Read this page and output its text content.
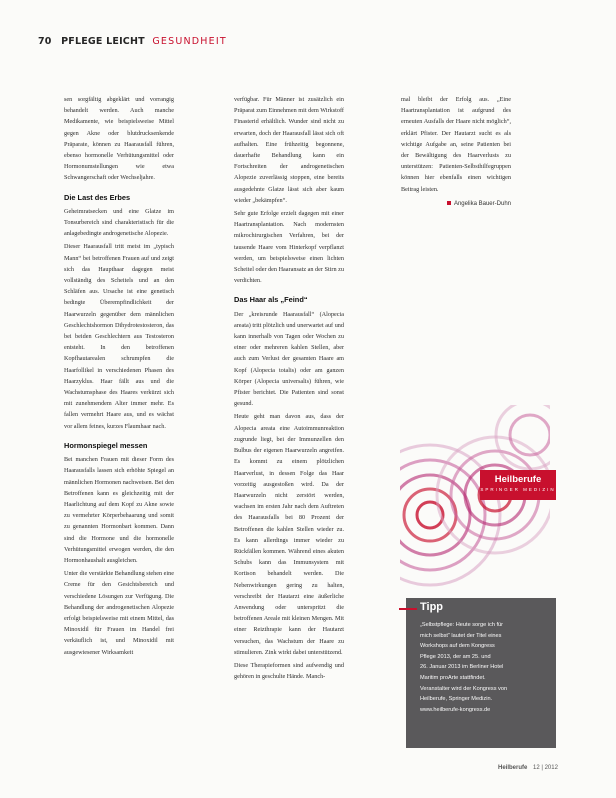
70 PFLEGE LEICHT GESUNDHEIT

sen sorgfältig abgeklärt und vorrangig behandelt werden. Auch manche Medikamente, wie beispielsweise Mittel gegen Akne oder blutdrucksenkende Präparate, können zu Haarausfall führen, ebenso hormonelle Verhütungsmittel oder Hormonumstellungen wie etwa Schwangerschaft oder Wechseljahre.

Die Last des Erbes

Geheimratsecken und eine Glatze im Tonsurbereich sind charakteristisch für die anlagebedingte androgenetische Alopezie.

Dieser Haarausfall tritt meist im „typisch Mann“ bei betroffenen Frauen auf und zeigt sich das Haupthaar dagegen meist vollständig des Scheitels und an den Schläfen aus. Ursache ist eine genetisch bedingte Überempfindlichkeit der Haarwurzeln gegenüber dem männlichen Geschlechtshormon Dihydrotestosteron, das bei beiden Geschlechtern aus Testosteron entsteht. In den betroffenen Kopfhautarealen schrumpfen die Haarfollikel in verschiedenen Phasen des Haarzyklus. Haar fällt aus und die Wachstumsphase des Haares verkürzt sich mit zunehmendem Alter immer mehr. Es fallen vermehrt Haare aus, und es wächst vor allem feines, kurzes Flaumhaar nach.

Hormonspiegel messen

Bei manchen Frauen mit dieser Form des Haarausfalls lassen sich erhöhte Spiegel an männlichen Hormonen nachweisen. Bei den Betroffenen kann es gleichzeitig mit der Haarlichtung auf dem Kopf zu Akne sowie zu vermehrter Körperbehaarung und somit zu genannten Hormonbart kommen. Dann sind die Hormone und die hormonelle Verhütungsmittel erwogen werden, die den Hormonhaushalt ausgleichen.

Unter die verstärkte Behandlung stehen eine Creme für den Gesichtsbereich und verschiedene Lösungen zur Verfügung. Die Behandlung der androgenetischen Alopezie erfolgt beispielsweise mit einem Mittel, das Minoxidil für Frauen im Handel frei verkäuflich ist, und Minoxidil mit ausgewiesener Wirksamkeit

verfügbar. Für Männer ist zusätzlich ein Präparat zum Einnehmen mit dem Wirkstoff Finasterid erhältlich. Wunder sind nicht zu erwarten, doch der Haarausfall lässt sich oft aufhalten. Eine frühzeitig begonnene, dauerhafte Behandlung kann ein Fortschreiten der androgenetischen Alopezie zuverlässig stoppen, eine bereits ausgedehnte Glatze lässt sich aber kaum wieder „bekämpfen“.

Sehr gute Erfolge erzielt dagegen mit einer Haartransplantation. Nach modernsten mikrochirurgischen Verfahren, bei der tausende Haare vom Hinterkopf verpflanzt werden, um beispielsweise einen lichten Scheitel oder den Haaransatz an der Stirn zu verdichten.

Das Haar als „Feind“

Der „kreisrunde Haarausfall“ (Alopecia areata) tritt plötzlich und unerwartet auf und kann innerhalb von Tagen oder Wochen zu einer oder mehreren kahlen Stellen, aber auch zum Verlust der gesamten Haare am Kopf (Alopecia totalis) oder am ganzen Körper (Alopecia universalis) führen, wie Pfister berichtet. Die Patienten sind sonst gesund.

Heute geht man davon aus, dass der Alopecia areata eine Autoimmunreaktion zugrunde liegt, bei der Immunzellen den Bulbus der eigenen Haarwurzeln angreifen. Es kommt zu einem plötzlichen Haarverlust, in dessen Folge das Haar vorzeitig ausgestoßen wird. Da der Haarwurzeln nicht zerstört werden, wachsen im ersten Jahr nach dem Auftreten des Haarausfalls bei 80 Prozent der Betroffenen die kahlen Stellen wieder zu. Es kann allerdings immer wieder zu Rückfällen kommen. Während eines akuten Schubs kann das Immunsystem mit Kortison behandelt werden. Die Nebenwirkungen gering zu halten, verschreibt der Hautarzt eine äußerliche Anwendung oder unterspritzt die betroffenen Areale mit kleinen Mengen. Mit einer Reizthrapie kann der Hautarzt versuchen, das Wachstum der Haare zu stimulieren. Zink wirkt dabei unterstützend.

Diese Therapieformen sind aufwendig und gehören in geschulte Hände. Manch-

mal bleibt der Erfolg aus. „Eine Haartransplantation ist aufgrund des erneuten Ausfalls der Haare nicht möglich“, erklärt Pfister. Der Hautarzt sucht es als wichtige Aufgabe an, seine Patienten bei der Bewältigung des Haarverlusts zu unterstützen: Patienten-Selbsthilfegruppen können hier ebenfalls einen wichtigen Beitrag leisten.

Angelika Bauer-Duhn
Heilberufe
SPRINGER MEDIZIN
Tipp
„Selbstpflege: Heute sorge ich für
mich selbst“ lautet der Titel eines
Workshops auf dem Kongress
Pflege 2013, der am 25. und
26. Januar 2013 im Berliner Hotel
Maritim proArte stattfindet.
Veranstalter wird der Kongress von
Heilberufe, Springer Medizin.
www.heilberufe-kongress.de
Heilberufe 12 | 2012
